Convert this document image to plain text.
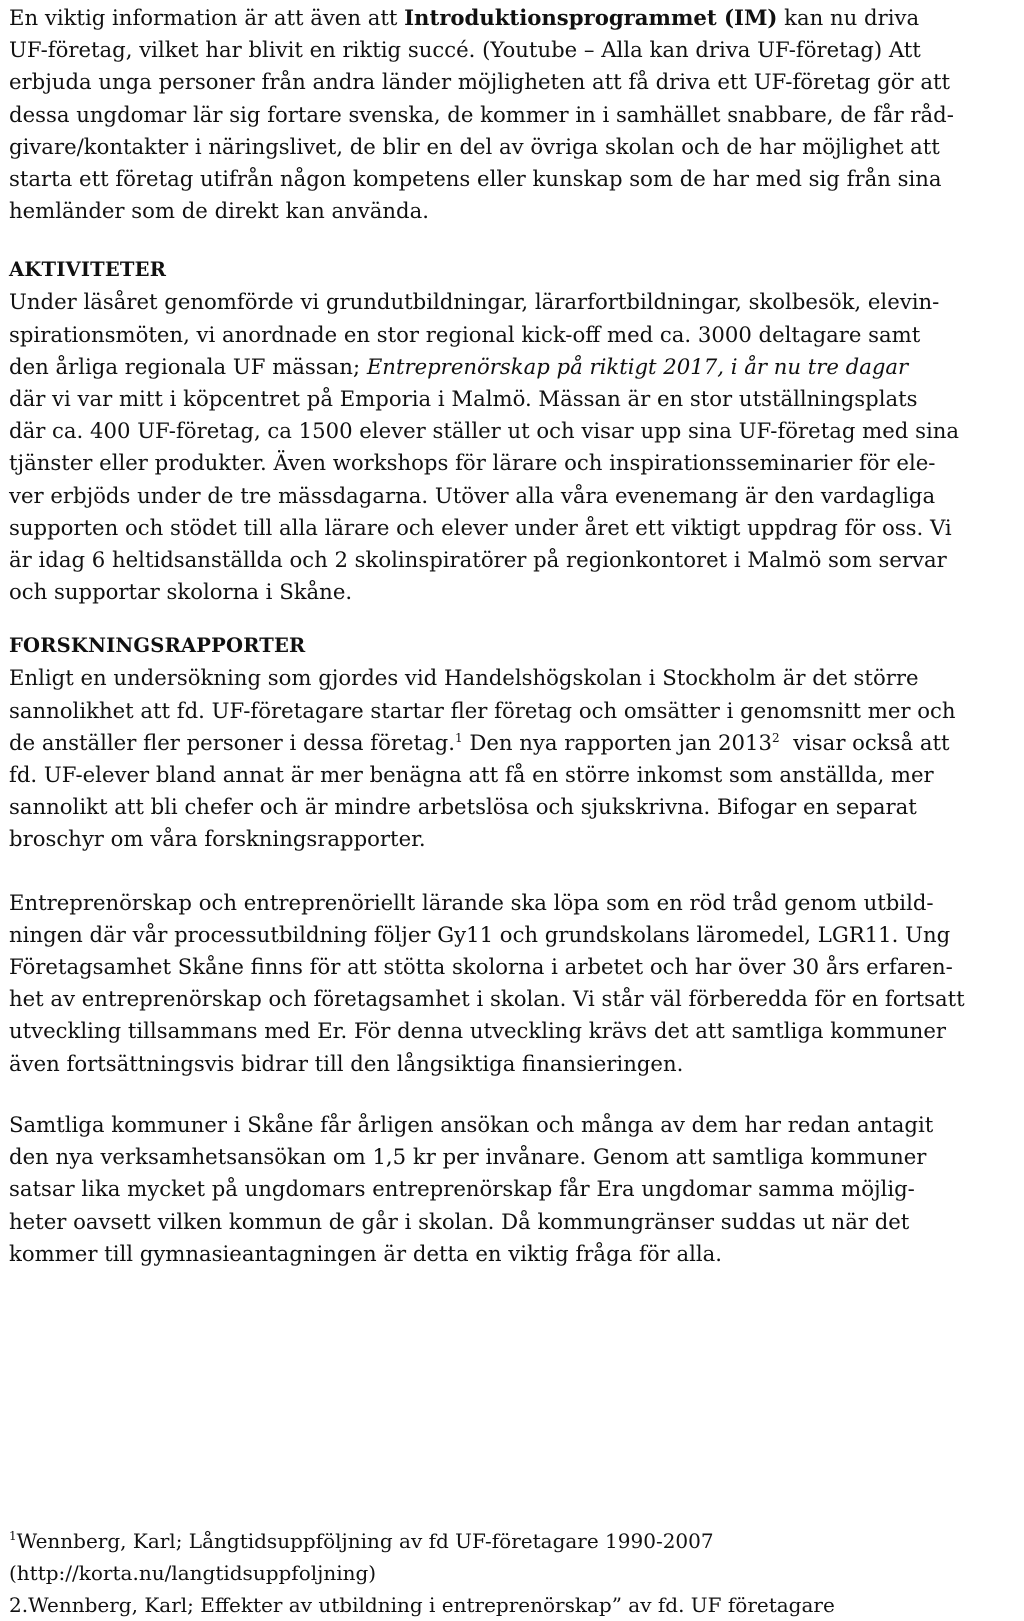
En viktig information är att även att Introduktionsprogrammet (IM) kan nu driva
UF-företag, vilket har blivit en riktig succé. (Youtube – Alla kan driva UF-företag) Att
erbjuda unga personer från andra länder möjligheten att få driva ett UF-företag gör att
dessa ungdomar lär sig fortare svenska, de kommer in i samhället snabbare, de får råd-
givare/kontakter i näringslivet, de blir en del av övriga skolan och de har möjlighet att
starta ett företag utifrån någon kompetens eller kunskap som de har med sig från sina
hemländer som de direkt kan använda.

AKTIVITETER

Under läsåret genomförde vi grundutbildningar, lärarfortbildningar, skolbesök, elevin-
spirationsmöten, vi anordnade en stor regional kick-off med ca. 3000 deltagare samt
den årliga regionala UF mässan; Entreprenörskap på riktigt 2017, i år nu tre dagar
där vi var mitt i köpcentret på Emporia i Malmö. Mässan är en stor utställningsplats
där ca. 400 UF-företag, ca 1500 elever ställer ut och visar upp sina UF-företag med sina
tjänster eller produkter. Även workshops för lärare och inspirationsseminarier för ele-
ver erbjöds under de tre mässdagarna. Utöver alla våra evenemang är den vardagliga
supporten och stödet till alla lärare och elever under året ett viktigt uppdrag för oss. Vi
är idag 6 heltidsanställda och 2 skolinspiratörer på regionkontoret i Malmö som servar
och supportar skolorna i Skåne.

FORSKNINGSRAPPORTER

Enligt en undersökning som gjordes vid Handelshögskolan i Stockholm är det större
sannolikhet att fd. UF-företagare startar fler företag och omsätter i genomsnitt mer och
de anställer fler personer i dessa företag.$^1$ Den nya rapporten jan 2013$^2$  visar också att
fd. UF-elever bland annat är mer benägna att få en större inkomst som anställda, mer
sannolikt att bli chefer och är mindre arbetslösa och sjukskrivna. Bifogar en separat
broschyr om våra forskningsrapporter.

Entreprenörskap och entreprenöriellt lärande ska löpa som en röd tråd genom utbild-
ningen där vår processutbildning följer Gy11 och grundskolans läromedel, LGR11. Ung
Företagsamhet Skåne finns för att stötta skolorna i arbetet och har över 30 års erfaren-
het av entreprenörskap och företagsamhet i skolan. Vi står väl förberedda för en fortsatt
utveckling tillsammans med Er. För denna utveckling krävs det att samtliga kommuner
även fortsättningsvis bidrar till den långsiktiga finansieringen.

Samtliga kommuner i Skåne får årligen ansökan och många av dem har redan antagit
den nya verksamhetsansökan om 1,5 kr per invånare. Genom att samtliga kommuner
satsar lika mycket på ungdomars entreprenörskap får Era ungdomar samma möjlig-
heter oavsett vilken kommun de går i skolan. Då kommungränser suddas ut när det
kommer till gymnasieantagningen är detta en viktig fråga för alla.

$^1$Wennberg, Karl; Långtidsuppföljning av fd UF-företagare 1990-2007
(http://korta.nu/langtidsuppfoljning)
2.Wennberg, Karl; Effekter av utbildning i entreprenörskap” av fd. UF företagare
